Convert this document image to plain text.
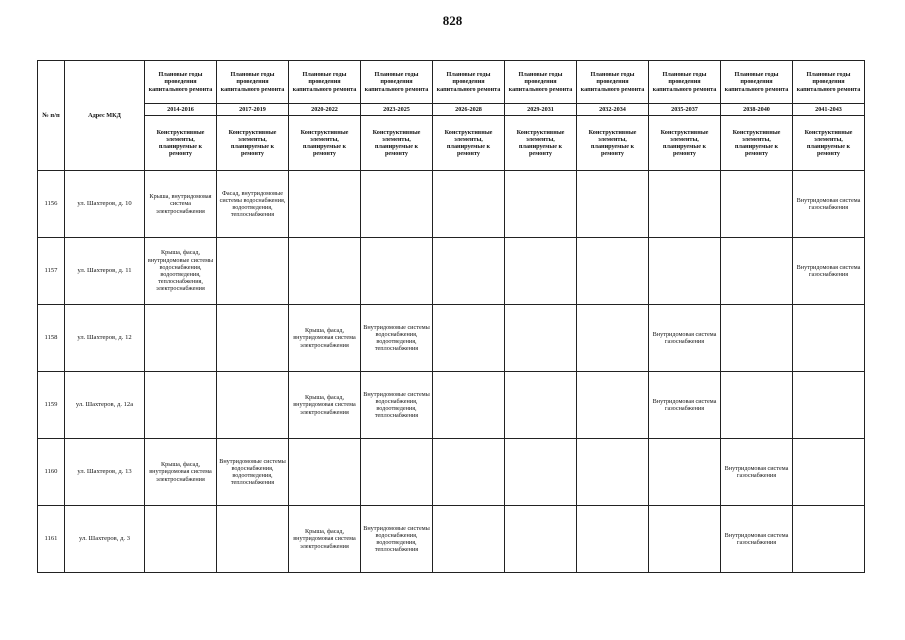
828
№ п/п	Адрес МКД	Плановые годы проведения капитального ремонта	Плановые годы проведения капитального ремонта	Плановые годы проведения капитального ремонта	Плановые годы проведения капитального ремонта	Плановые годы проведения капитального ремонта	Плановые годы проведения капитального ремонта	Плановые годы проведения капитального ремонта	Плановые годы проведения капитального ремонта	Плановые годы проведения капитального ремонта	Плановые годы проведения капитального ремонта
		2014-2016	2017-2019	2020-2022	2023-2025	2026-2028	2029-2031	2032-2034	2035-2037	2038-2040	2041-2043
		Конструктивные элементы, планируемые к ремонту	Конструктивные элементы, планируемые к ремонту	Конструктивные элементы, планируемые к ремонту	Конструктивные элементы, планируемые к ремонту	Конструктивные элементы, планируемые к ремонту	Конструктивные элементы, планируемые к ремонту	Конструктивные элементы, планируемые к ремонту	Конструктивные элементы, планируемые к ремонту	Конструктивные элементы, планируемые к ремонту	Конструктивные элементы, планируемые к ремонту
1156	ул. Шахтеров, д. 10	Крыша, внутридомовая система электроснабжения	Фасад, внутридомовые системы водоснабжения, водоотведения, теплоснабжения								Внутридомовая система газоснабжения
1157	ул. Шахтеров, д. 11	Крыша, фасад, внутридомовые системы водоснабжения, водоотведения, теплоснабжения, электроснабжения									Внутридомовая система газоснабжения
1158	ул. Шахтеров, д. 12			Крыша, фасад, внутридомовая система электроснабжения	Внутридомовые системы водоснабжения, водоотведения, теплоснабжения				Внутридомовая система газоснабжения		
1159	ул. Шахтеров, д. 12а			Крыша, фасад, внутридомовая система электроснабжения	Внутридомовые системы водоснабжения, водоотведения, теплоснабжения				Внутридомовая система газоснабжения		
1160	ул. Шахтеров, д. 13	Крыша, фасад, внутридомовая система электроснабжения	Внутридомовые системы водоснабжения, водоотведения, теплоснабжения							Внутридомовая система газоснабжения	
1161	ул. Шахтеров, д. 3			Крыша, фасад, внутридомовая система электроснабжения	Внутридомовые системы водоснабжения, водоотведения, теплоснабжения					Внутридомовая система газоснабжения	
